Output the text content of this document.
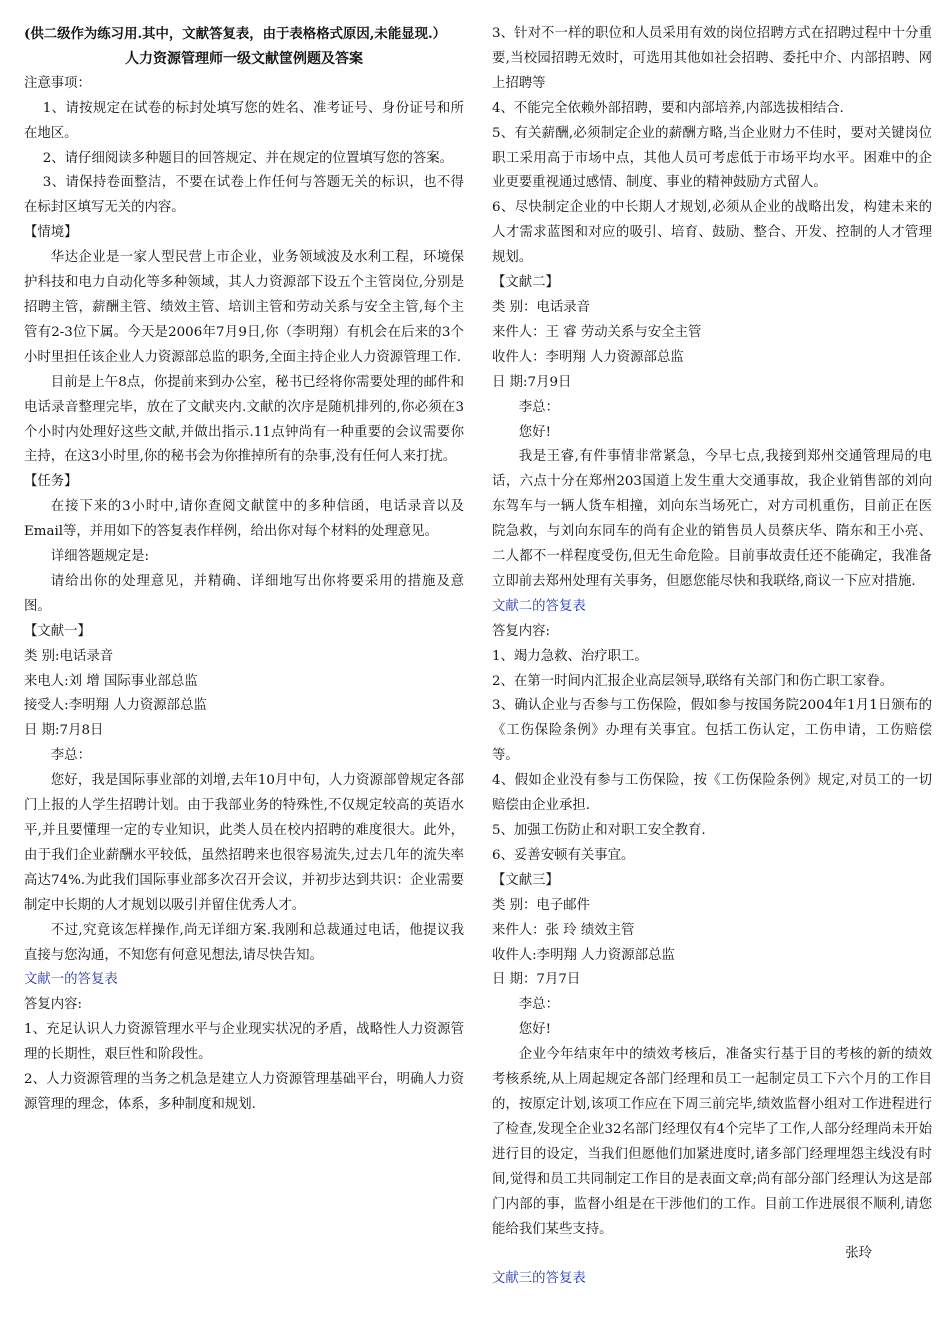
(供二级作为练习用.其中，文献答复表，由于表格格式原因,未能显现.）

人力资源管理师一级文献筐例题及答案

注意事项：

1、请按规定在试卷的标封处填写您的姓名、准考证号、身份证号和所在地区。

2、请仔细阅读多种题目的回答规定、并在规定的位置填写您的答案。

3、请保持卷面整洁，不要在试卷上作任何与答题无关的标识，也不得在标封区填写无关的内容。

【情境】

华达企业是一家人型民营上市企业，业务领域波及水利工程，环境保护科技和电力自动化等多种领域，其人力资源部下设五个主管岗位,分别是招聘主管，薪酬主管、绩效主管、培训主管和劳动关系与安全主管,每个主管有2-3位下属。今天是2006年7月9日,你（李明翔）有机会在后来的3个小时里担任该企业人力资源部总监的职务,全面主持企业人力资源管理工作.

目前是上午8点，你提前来到办公室，秘书已经将你需要处理的邮件和电话录音整理完毕，放在了文献夹内.文献的次序是随机排列的,你必须在3个小时内处理好这些文献,并做出指示.11点钟尚有一种重要的会议需要你主持，在这3小时里,你的秘书会为你推掉所有的杂事,没有任何人来打扰。

【任务】

在接下来的3小时中,请你查阅文献筐中的多种信函，电话录音以及Email等，并用如下的答复表作样例，给出你对每个材料的处理意见。

详细答题规定是:

请给出你的处理意见，并精确、详细地写出你将要采用的措施及意图。

【文献一】

类 别:电话录音

来电人:刘 增 国际事业部总监

接受人:李明翔 人力资源部总监

日 期:7月8日

李总：

您好，我是国际事业部的刘增,去年10月中旬，人力资源部曾规定各部门上报的人学生招聘计划。由于我部业务的特殊性,不仅规定较高的英语水平,并且要懂理一定的专业知识，此类人员在校内招聘的难度很大。此外，由于我们企业薪酬水平较低，虽然招聘来也很容易流失,过去几年的流失率高达74%.为此我们国际事业部多次召开会议，并初步达到共识：企业需要制定中长期的人才规划以吸引并留住优秀人才。

不过,究竟该怎样操作,尚无详细方案.我刚和总裁通过电话，他提议我直接与您沟通，不知您有何意见想法,请尽快告知。

文献一的答复表

答复内容:

1、充足认识人力资源管理水平与企业现实状况的矛盾，战略性人力资源管理的长期性，艰巨性和阶段性。

2、人力资源管理的当务之机急是建立人力资源管理基础平台，明确人力资源管理的理念，体系，多种制度和规划.

3、针对不一样的职位和人员采用有效的岗位招聘方式在招聘过程中十分重要,当校园招聘无效时，可选用其他如社会招聘、委托中介、内部招聘、网上招聘等

4、不能完全依赖外部招聘，要和内部培养,内部选拔相结合.

5、有关薪酬,必须制定企业的薪酬方略,当企业财力不佳时，要对关键岗位职工采用高于市场中点，其他人员可考虑低于市场平均水平。困难中的企业更要重视通过感情、制度、事业的精神鼓励方式留人。

6、尽快制定企业的中长期人才规划,必须从企业的战略出发，构建未来的人才需求蓝图和对应的吸引、培育、鼓励、整合、开发、控制的人才管理规划。

【文献二】

类 别：电话录音

来件人：王 睿 劳动关系与安全主管

收件人：李明翔 人力资源部总监

日 期:7月9日

李总：

您好!

我是王睿,有件事情非常紧急，今早七点,我接到郑州交通管理局的电话，六点十分在郑州203国道上发生重大交通事故，我企业销售部的刘向东驾车与一辆人货车相撞，刘向东当场死亡，对方司机重伤，目前正在医院急救，与刘向东同车的尚有企业的销售员人员蔡庆华、隋东和王小亮、二人都不一样程度受伤,但无生命危险。目前事故责任还不能确定，我准备立即前去郑州处理有关事务，但愿您能尽快和我联络,商议一下应对措施.

文献二的答复表

答复内容:

1、竭力急救、治疗职工。

2、在第一时间内汇报企业高层领导,联络有关部门和伤亡职工家眷。

3、确认企业与否参与工伤保险，假如参与按国务院2004年1月1日颁布的《工伤保险条例》办理有关事宜。包括工伤认定，工伤申请，工伤赔偿等。

4、假如企业没有参与工伤保险，按《工伤保险条例》规定,对员工的一切赔偿由企业承担.

5、加强工伤防止和对职工安全教育.

6、妥善安顿有关事宜。

【文献三】

类 别：电子邮件

来件人：张 玲 绩效主管

收件人:李明翔 人力资源部总监

日 期：7月7日

李总：

您好!

企业今年结束年中的绩效考核后，准备实行基于目的考核的新的绩效考核系统,从上周起规定各部门经理和员工一起制定员工下六个月的工作目的，按原定计划,该项工作应在下周三前完毕,绩效监督小组对工作进程进行了检查,发现全企业32名部门经理仅有4个完毕了工作,人部分经理尚未开始进行目的设定，当我们但愿他们加紧进度时,诸多部门经理埋怨主线没有时间,觉得和员工共同制定工作目的是表面文章;尚有部分部门经理认为这是部门内部的事，监督小组是在干涉他们的工作。目前工作进展很不顺利,请您能给我们某些支持。

张玲

文献三的答复表
